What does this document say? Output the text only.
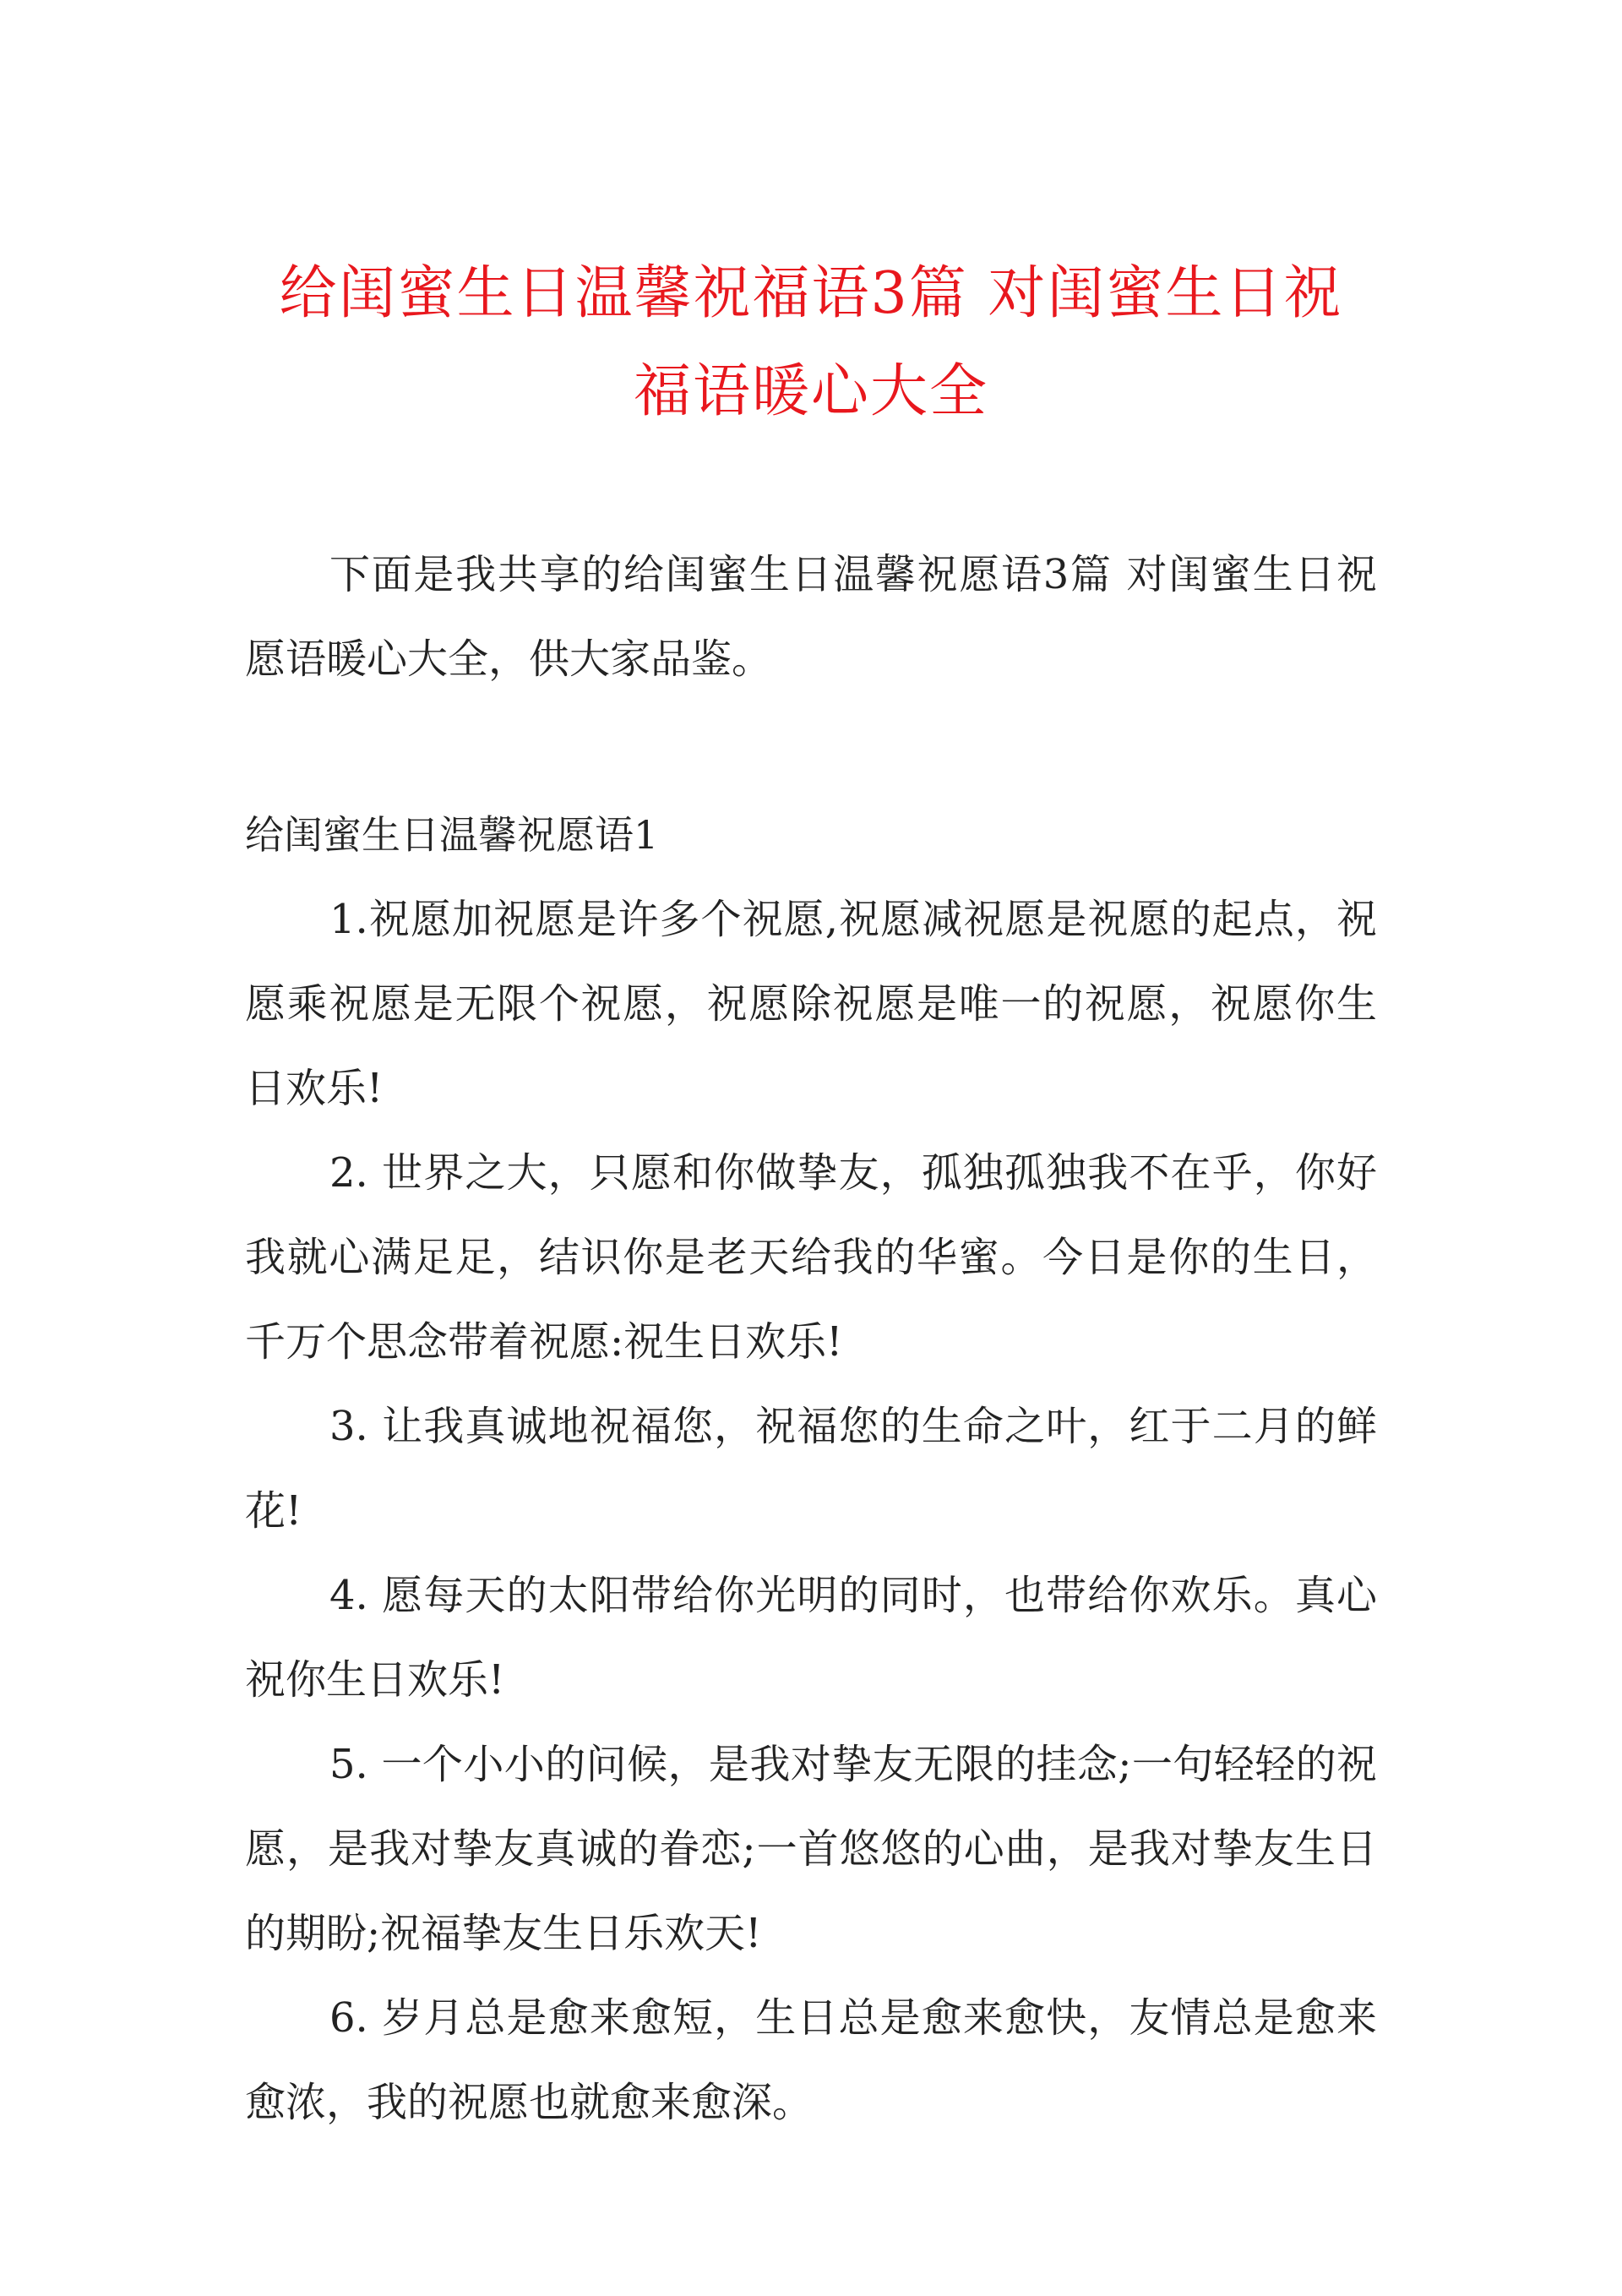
给闺蜜生日温馨祝福语3篇 对闺蜜生日祝
福语暖心大全

下面是我共享的给闺蜜生日温馨祝愿语3篇 对闺蜜生日祝愿语暖心大全，供大家品鉴。

给闺蜜生日温馨祝愿语1

1.祝愿加祝愿是许多个祝愿,祝愿减祝愿是祝愿的起点，祝愿乘祝愿是无限个祝愿，祝愿除祝愿是唯一的祝愿，祝愿你生日欢乐!

2. 世界之大，只愿和你做挚友，孤独孤独我不在乎，你好我就心满足足，结识你是老天给我的华蜜。今日是你的生日，千万个思念带着祝愿:祝生日欢乐!

3. 让我真诚地祝福您，祝福您的生命之叶，红于二月的鲜花!

4. 愿每天的太阳带给你光明的同时，也带给你欢乐。真心祝你生日欢乐!

5. 一个小小的问候，是我对挚友无限的挂念;一句轻轻的祝愿，是我对挚友真诚的眷恋;一首悠悠的心曲，是我对挚友生日的期盼;祝福挚友生日乐欢天!

6. 岁月总是愈来愈短，生日总是愈来愈快，友情总是愈来愈浓，我的祝愿也就愈来愈深。
